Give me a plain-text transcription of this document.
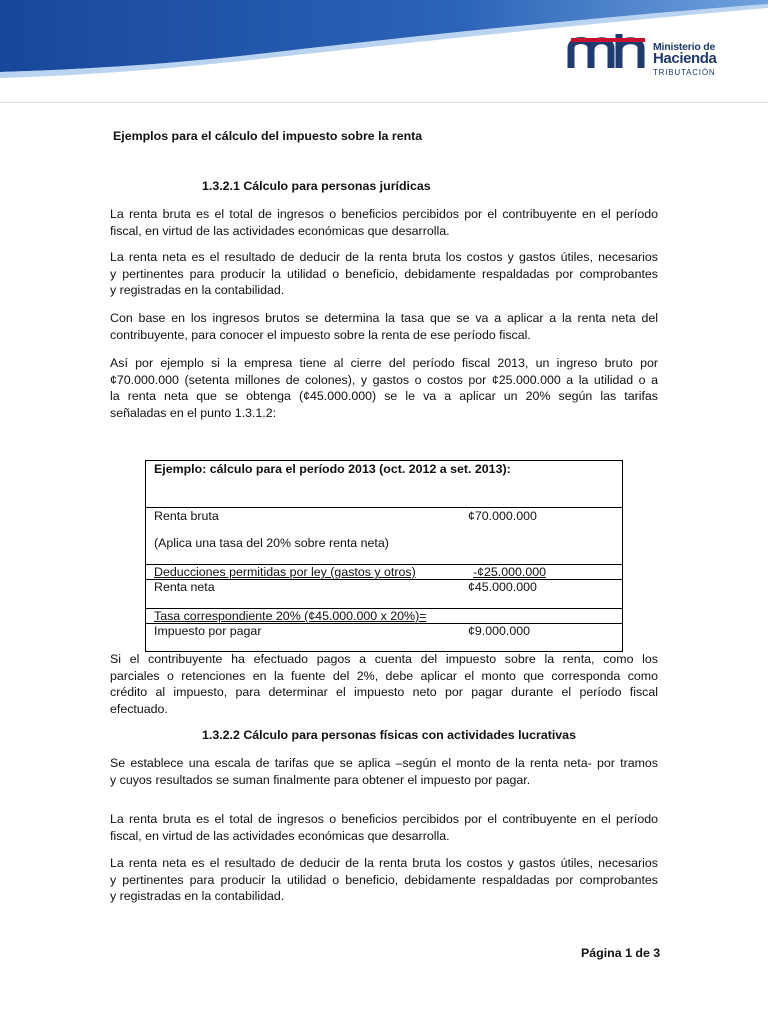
Ministerio de
Hacienda
TRIBUTACIÓN
Ejemplos para el cálculo del impuesto sobre la renta
1.3.2.1 Cálculo para personas jurídicas
La renta bruta es el total de ingresos o beneficios percibidos por el contribuyente en el período
fiscal, en virtud de las actividades económicas que desarrolla.
La renta neta es el resultado de deducir de la renta bruta los costos y gastos útiles, necesarios
y pertinentes para producir la utilidad o beneficio, debidamente respaldadas por comprobantes
y registradas en la contabilidad.
Con base en los ingresos brutos se determina la tasa que se va a aplicar a la renta neta del
contribuyente, para conocer el impuesto sobre la renta de ese período fiscal.
Así por ejemplo si la empresa tiene al cierre del período fiscal 2013, un ingreso bruto por
¢70.000.000 (setenta millones de colones), y gastos o costos por ¢25.000.000 a la utilidad o a
la renta neta que se obtenga (¢45.000.000) se le va a aplicar un 20% según las tarifas
señaladas en el punto 1.3.1.2:
Ejemplo: cálculo para el período 2013 (oct. 2012 a set. 2013):
Renta bruta	¢70.000.000
(Aplica una tasa del 20% sobre renta neta)
Deducciones permitidas por ley (gastos y otros)	-¢25.000.000
Renta neta	¢45.000.000
Tasa correspondiente 20% (¢45.000.000 x 20%)=
Impuesto por pagar	¢9.000.000
Si el contribuyente ha efectuado pagos a cuenta del impuesto sobre la renta, como los
parciales o retenciones en la fuente del 2%, debe aplicar el monto que corresponda como
crédito al impuesto, para determinar el impuesto neto por pagar durante el período fiscal
efectuado.
1.3.2.2 Cálculo para personas físicas con actividades lucrativas
Se establece una escala de tarifas que se aplica –según el monto de la renta neta- por tramos
y cuyos resultados se suman finalmente para obtener el impuesto por pagar.
La renta bruta es el total de ingresos o beneficios percibidos por el contribuyente en el período
fiscal, en virtud de las actividades económicas que desarrolla.
La renta neta es el resultado de deducir de la renta bruta los costos y gastos útiles, necesarios
y pertinentes para producir la utilidad o beneficio, debidamente respaldadas por comprobantes
y registradas en la contabilidad.
Página 1 de 3
